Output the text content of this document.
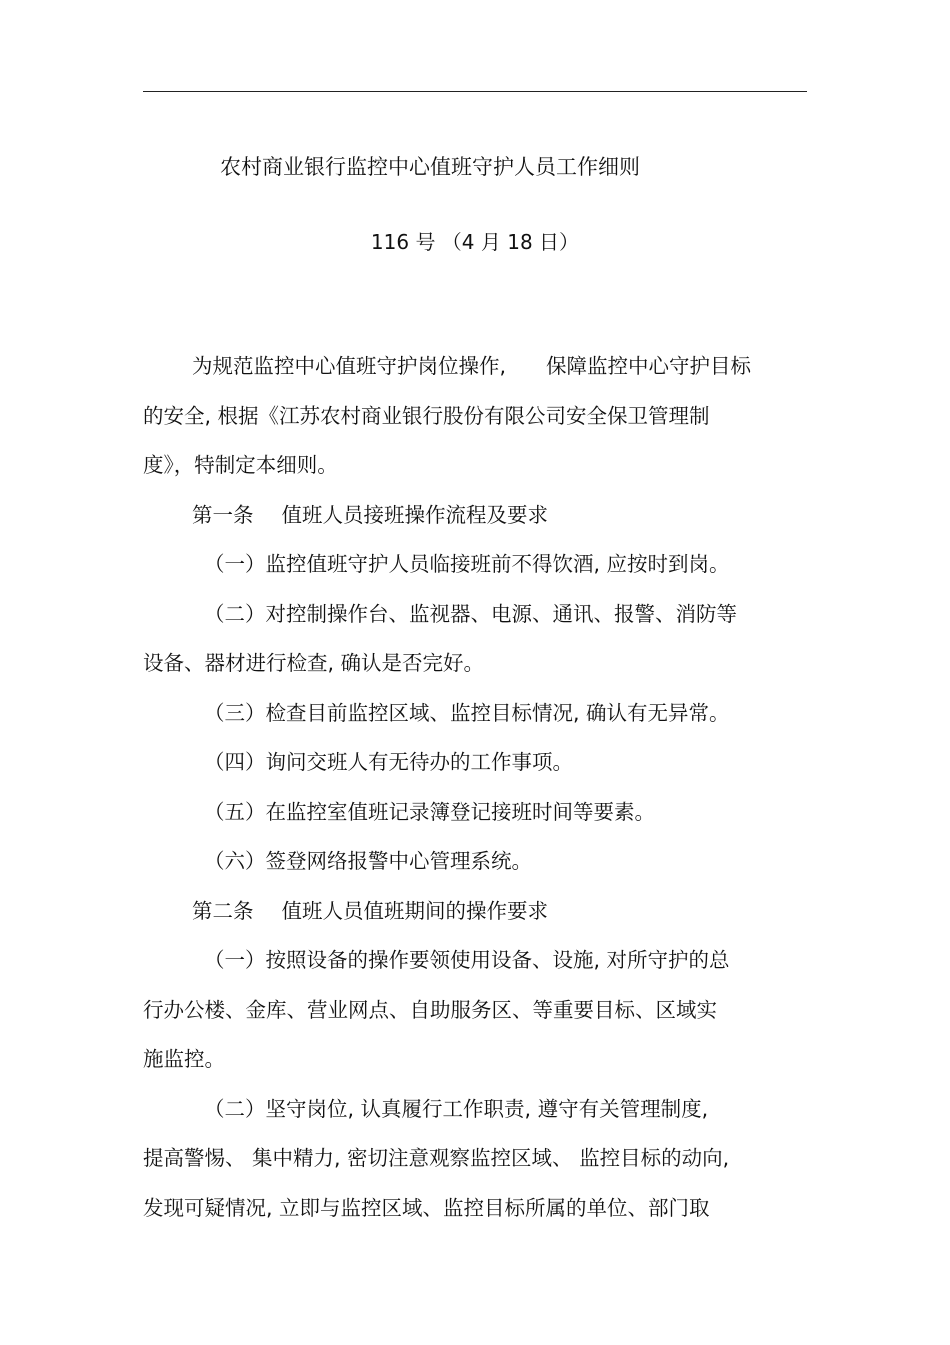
农村商业银行监控中心值班守护人员工作细则
116 号 （4 月 18 日）

为规范监控中心值班守护岗位操作, 保障监控中心守护目标

的安全, 根据《江苏农村商业银行股份有限公司安全保卫管理制

度》，特制定本细则。

第一条 值班人员接班操作流程及要求

（一）监控值班守护人员临接班前不得饮酒, 应按时到岗。

（二）对控制操作台、监视器、电源、通讯、报警、消防等

设备、器材进行检查, 确认是否完好。

（三）检查目前监控区域、监控目标情况, 确认有无异常。

（四）询问交班人有无待办的工作事项。

（五）在监控室值班记录簿登记接班时间等要素。

（六）签登网络报警中心管理系统。

第二条 值班人员值班期间的操作要求

（一）按照设备的操作要领使用设备、设施, 对所守护的总

行办公楼、金库、营业网点、自助服务区、等重要目标、区域实

施监控。

（二）坚守岗位, 认真履行工作职责, 遵守有关管理制度,

提高警惕、 集中精力, 密切注意观察监控区域、 监控目标的动向,

发现可疑情况, 立即与监控区域、监控目标所属的单位、部门取
